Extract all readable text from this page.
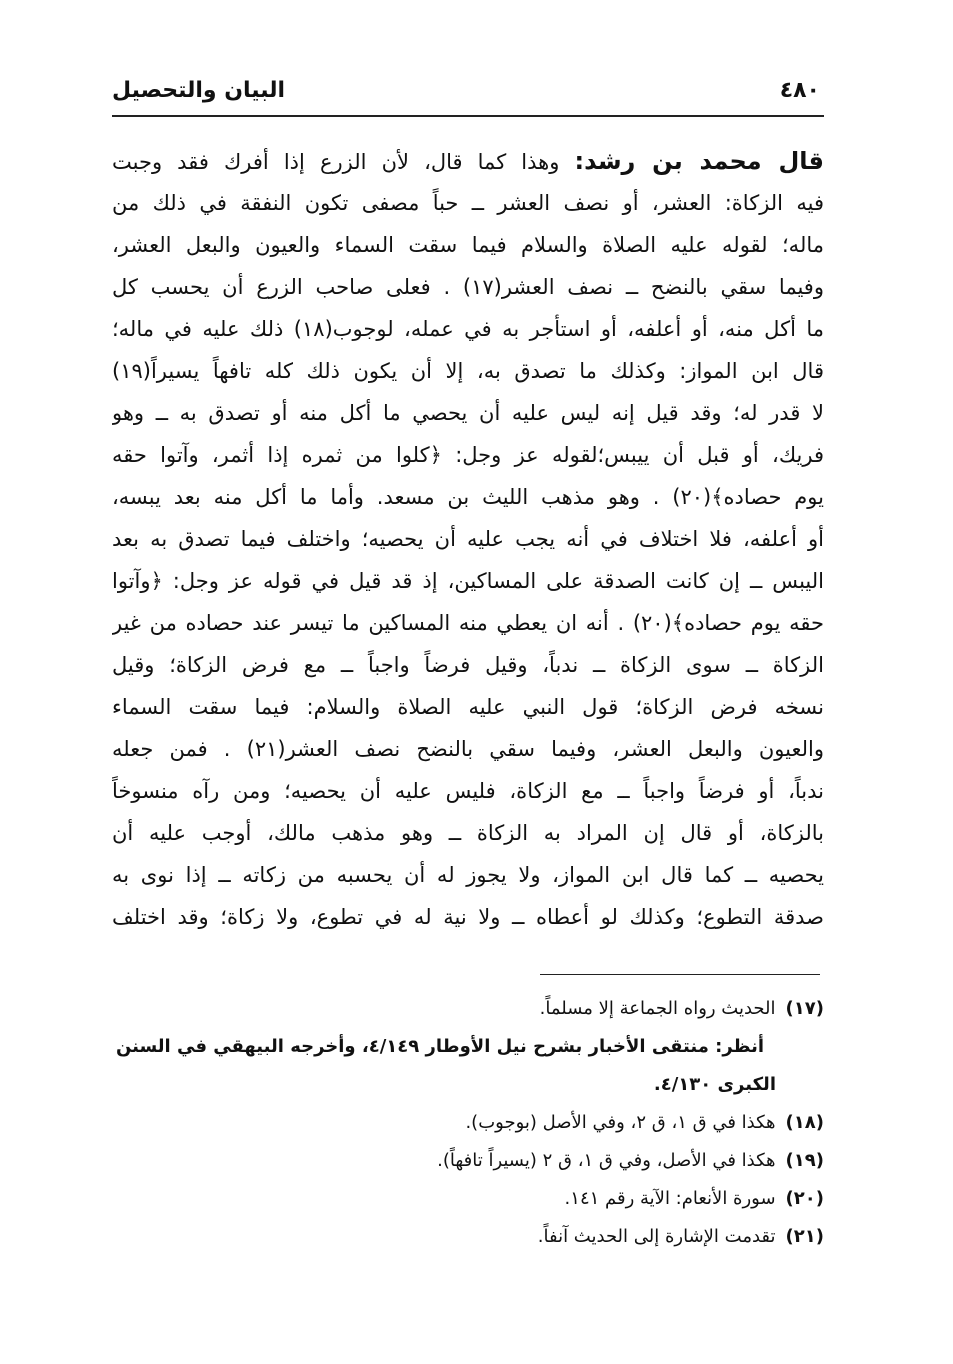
٤٨٠
البيان والتحصيل
قال محمد بن رشد: وهذا كما قال، لأن الزرع إذا أفرك فقد وجبت
فيه الزكاة: العشر، أو نصف العشر ــ حباً مصفى تكون النفقة في ذلك من
ماله؛ لقوله عليه الصلاة والسلام فيما سقت السماء والعيون والبعل العشر،
وفيما سقي بالنضح ــ نصف العشر(١٧) . فعلى صاحب الزرع أن يحسب كل
ما أكل منه، أو أعلفه، أو استأجر به في عمله، لوجوب(١٨) ذلك عليه في ماله؛
قال ابن المواز: وكذلك ما تصدق به، إلا أن يكون ذلك كله تافهاً يسيراً(١٩)
لا قدر له؛ وقد قيل إنه ليس عليه أن يحصي ما أكل منه أو تصدق به ــ وهو
فريك، أو قبل أن ييبس؛لقوله عز وجل: ﴿كلوا من ثمره إذا أثمر، وآتوا حقه
يوم حصاده﴾(٢٠) . وهو مذهب الليث بن مسعد. وأما ما أكل منه بعد يبسه،
أو أعلفه، فلا اختلاف في أنه يجب عليه أن يحصيه؛ واختلف فيما تصدق به بعد
اليبس ــ إن كانت الصدقة على المساكين، إذ قد قيل في قوله عز وجل: ﴿وآتوا
حقه يوم حصاده﴾(٢٠) . أنه ان يعطي منه المساكين ما تيسر عند حصاده من غير
الزكاة ــ سوى الزكاة ــ ندباً، وقيل فرضاً واجباً ــ مع فرض الزكاة؛ وقيل
نسخه فرض الزكاة؛ قول النبي عليه الصلاة والسلام: فيما سقت السماء
والعيون والبعل العشر، وفيما سقي بالنضح نصف العشر(٢١) . فمن جعله
ندباً، أو فرضاً واجباً ــ مع الزكاة، فليس عليه أن يحصيه؛ ومن رآه منسوخاً
بالزكاة، أو قال إن المراد به الزكاة ــ وهو مذهب مالك، أوجب عليه أن
يحصيه ــ كما قال ابن المواز، ولا يجوز له أن يحسبه من زكاته ــ إذا نوى به
صدقة التطوع؛ وكذلك لو أعطاه ــ ولا نية له في تطوع، ولا زكاة؛ وقد اختلف
(١٧)الحديث رواه الجماعة إلا مسلماً.
أنظر: منتقى الأخبار بشرح نيل الأوطار ٤/١٤٩، وأخرجه البيهقي في السنن
الكبرى ٤/١٣٠.
(١٨)هكذا في ق ١، ق ٢، وفي الأصل (بوجوب).
(١٩)هكذا في الأصل، وفي ق ١، ق ٢ (يسيراً تافهاً).
(٢٠)سورة الأنعام: الآية رقم ١٤١.
(٢١)تقدمت الإشارة إلى الحديث آنفاً.
